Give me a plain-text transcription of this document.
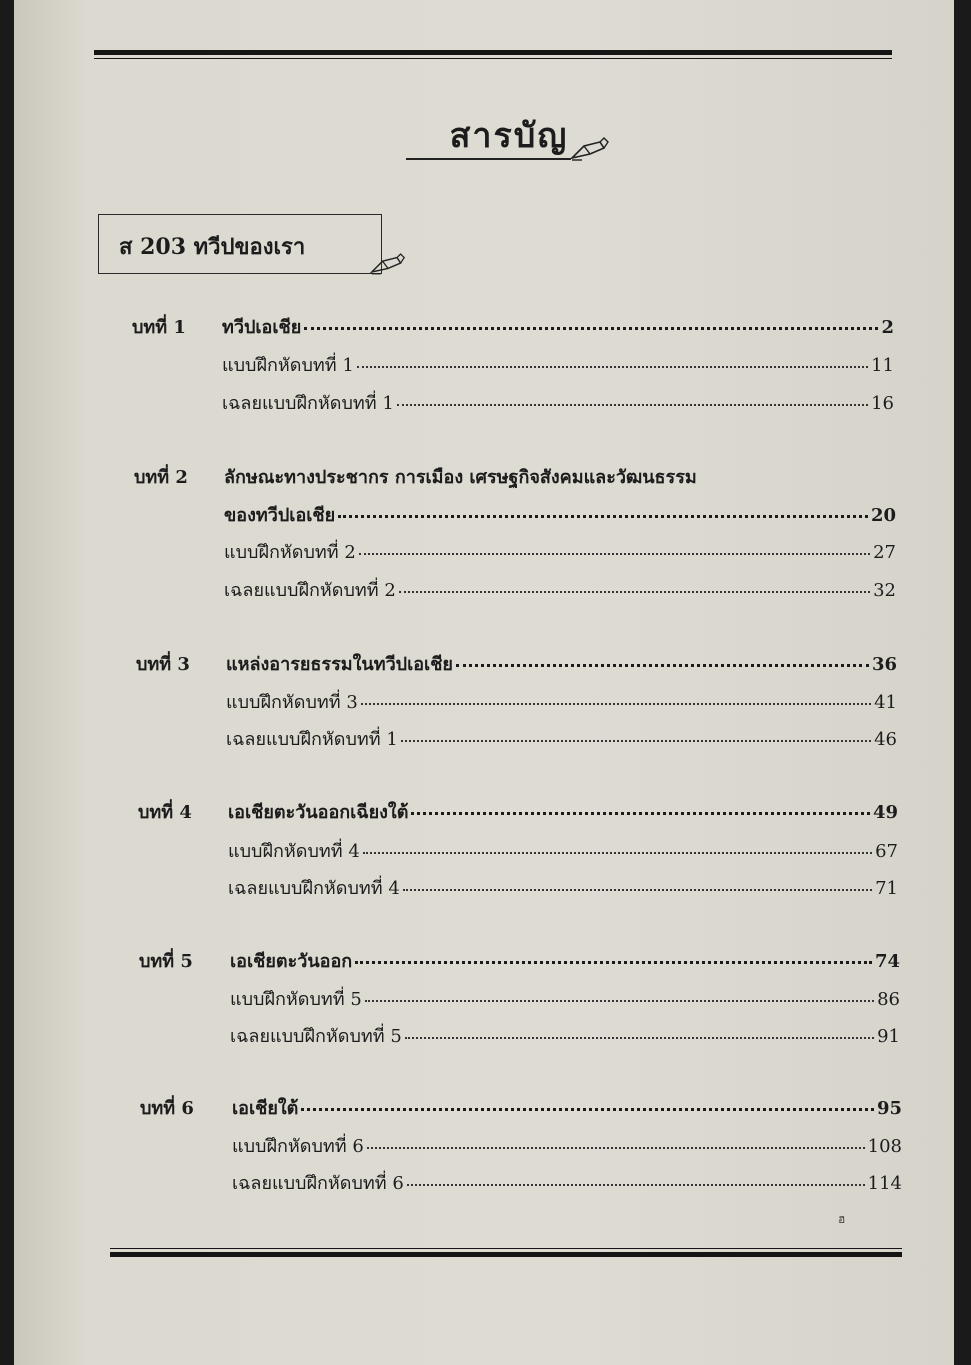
สารบัญ
ส 203 ทวีปของเรา
บทที่ 1 ทวีปเอเชีย	2
แบบฝึกหัดบทที่ 1	11
เฉลยแบบฝึกหัดบทที่ 1	16
บทที่ 2 ลักษณะทางประชากร การเมือง เศรษฐกิจสังคมและวัฒนธรรม
ของทวีปเอเชีย	20
แบบฝึกหัดบทที่ 2	27
เฉลยแบบฝึกหัดบทที่ 2	32
บทที่ 3 แหล่งอารยธรรมในทวีปเอเชีย	36
แบบฝึกหัดบทที่ 3	41
เฉลยแบบฝึกหัดบทที่ 1	46
บทที่ 4 เอเชียตะวันออกเฉียงใต้	49
แบบฝึกหัดบทที่ 4	67
เฉลยแบบฝึกหัดบทที่ 4	71
บทที่ 5 เอเชียตะวันออก	74
แบบฝึกหัดบทที่ 5	86
เฉลยแบบฝึกหัดบทที่ 5	91
บทที่ 6 เอเชียใต้	95
แบบฝึกหัดบทที่ 6	108
เฉลยแบบฝึกหัดบทที่ 6	114
ฮ
